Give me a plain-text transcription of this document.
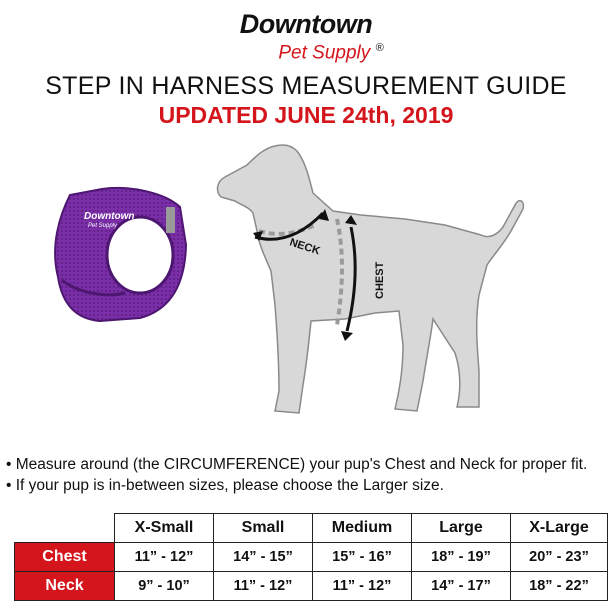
Downtown
Pet Supply ®
STEP IN HARNESS MEASUREMENT GUIDE
UPDATED JUNE 24th, 2019
Downtown
Pet Supply
NECK
CHEST
• Measure around (the CIRCUMFERENCE) your pup's Chest and Neck for proper fit.
• If your pup is in-between sizes, please choose the Larger size.
	X-Small	Small	Medium	Large	X-Large
Chest	11” - 12”	14” - 15”	15” - 16”	18” - 19”	20” - 23”
Neck	9” - 10”	11” - 12”	11” - 12”	14” - 17”	18” - 22”
